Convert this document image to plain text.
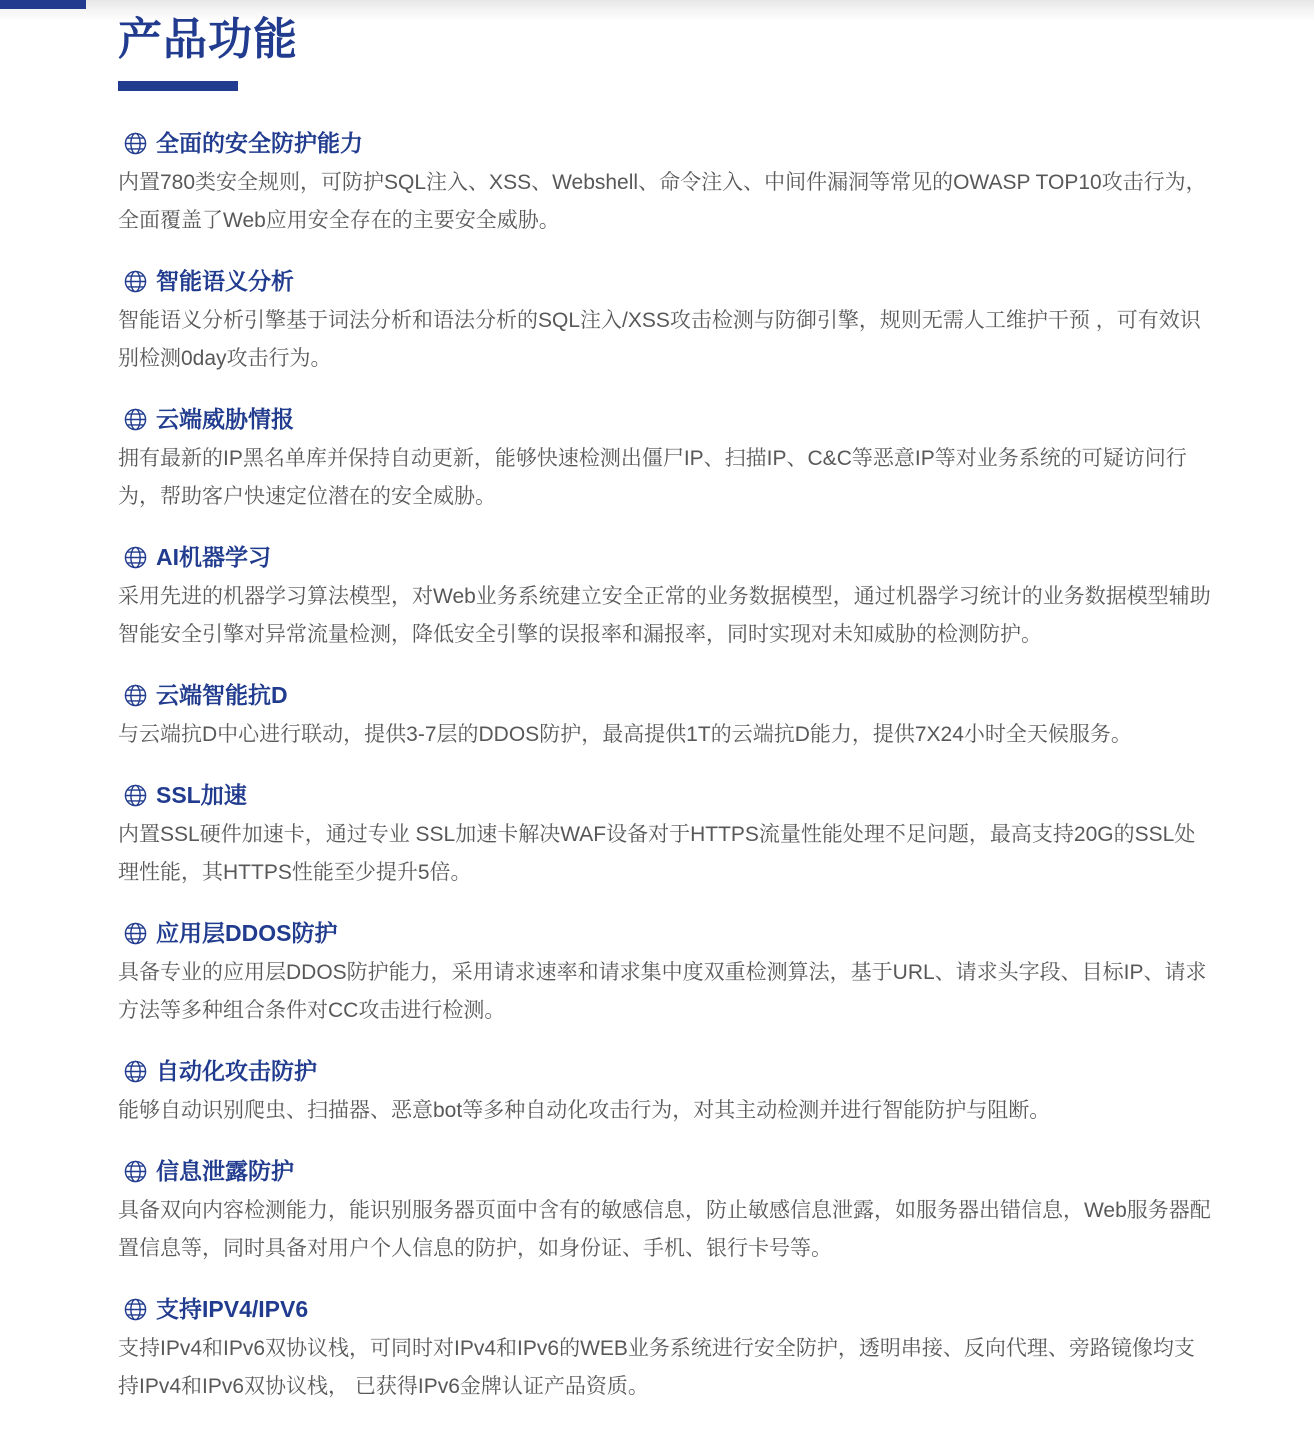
产品功能
全面的安全防护能力

内置780类安全规则，可防护SQL注入、XSS、Webshell、命令注入、中间件漏洞等常见的OWASP TOP10攻击行为，全面覆盖了Web应用安全存在的主要安全威胁。

智能语义分析

智能语义分析引擎基于词法分析和语法分析的SQL注入/XSS攻击检测与防御引擎，规则无需人工维护干预 ，可有效识别检测0day攻击行为。

云端威胁情报

拥有最新的IP黑名单库并保持自动更新，能够快速检测出僵尸IP、扫描IP、C&C等恶意IP等对业务系统的可疑访问行为，帮助客户快速定位潜在的安全威胁。

AI机器学习

采用先进的机器学习算法模型，对Web业务系统建立安全正常的业务数据模型，通过机器学习统计的业务数据模型辅助智能安全引擎对异常流量检测，降低安全引擎的误报率和漏报率，同时实现对未知威胁的检测防护。

云端智能抗D

与云端抗D中心进行联动，提供3-7层的DDOS防护，最高提供1T的云端抗D能力，提供7X24小时全天候服务。

SSL加速

内置SSL硬件加速卡，通过专业 SSL加速卡解决WAF设备对于HTTPS流量性能处理不足问题，最高支持20G的SSL处理性能，其HTTPS性能至少提升5倍。

应用层DDOS防护

具备专业的应用层DDOS防护能力，采用请求速率和请求集中度双重检测算法，基于URL、请求头字段、目标IP、请求方法等多种组合条件对CC攻击进行检测。

自动化攻击防护

能够自动识别爬虫、扫描器、恶意bot等多种自动化攻击行为，对其主动检测并进行智能防护与阻断。

信息泄露防护

具备双向内容检测能力，能识别服务器页面中含有的敏感信息，防止敏感信息泄露，如服务器出错信息，Web服务器配置信息等，同时具备对用户个人信息的防护，如身份证、手机、银行卡号等。

支持IPV4/IPV6

支持IPv4和IPv6双协议栈，可同时对IPv4和IPv6的WEB业务系统进行安全防护，透明串接、反向代理、旁路镜像均支持IPv4和IPv6双协议栈， 已获得IPv6金牌认证产品资质。
